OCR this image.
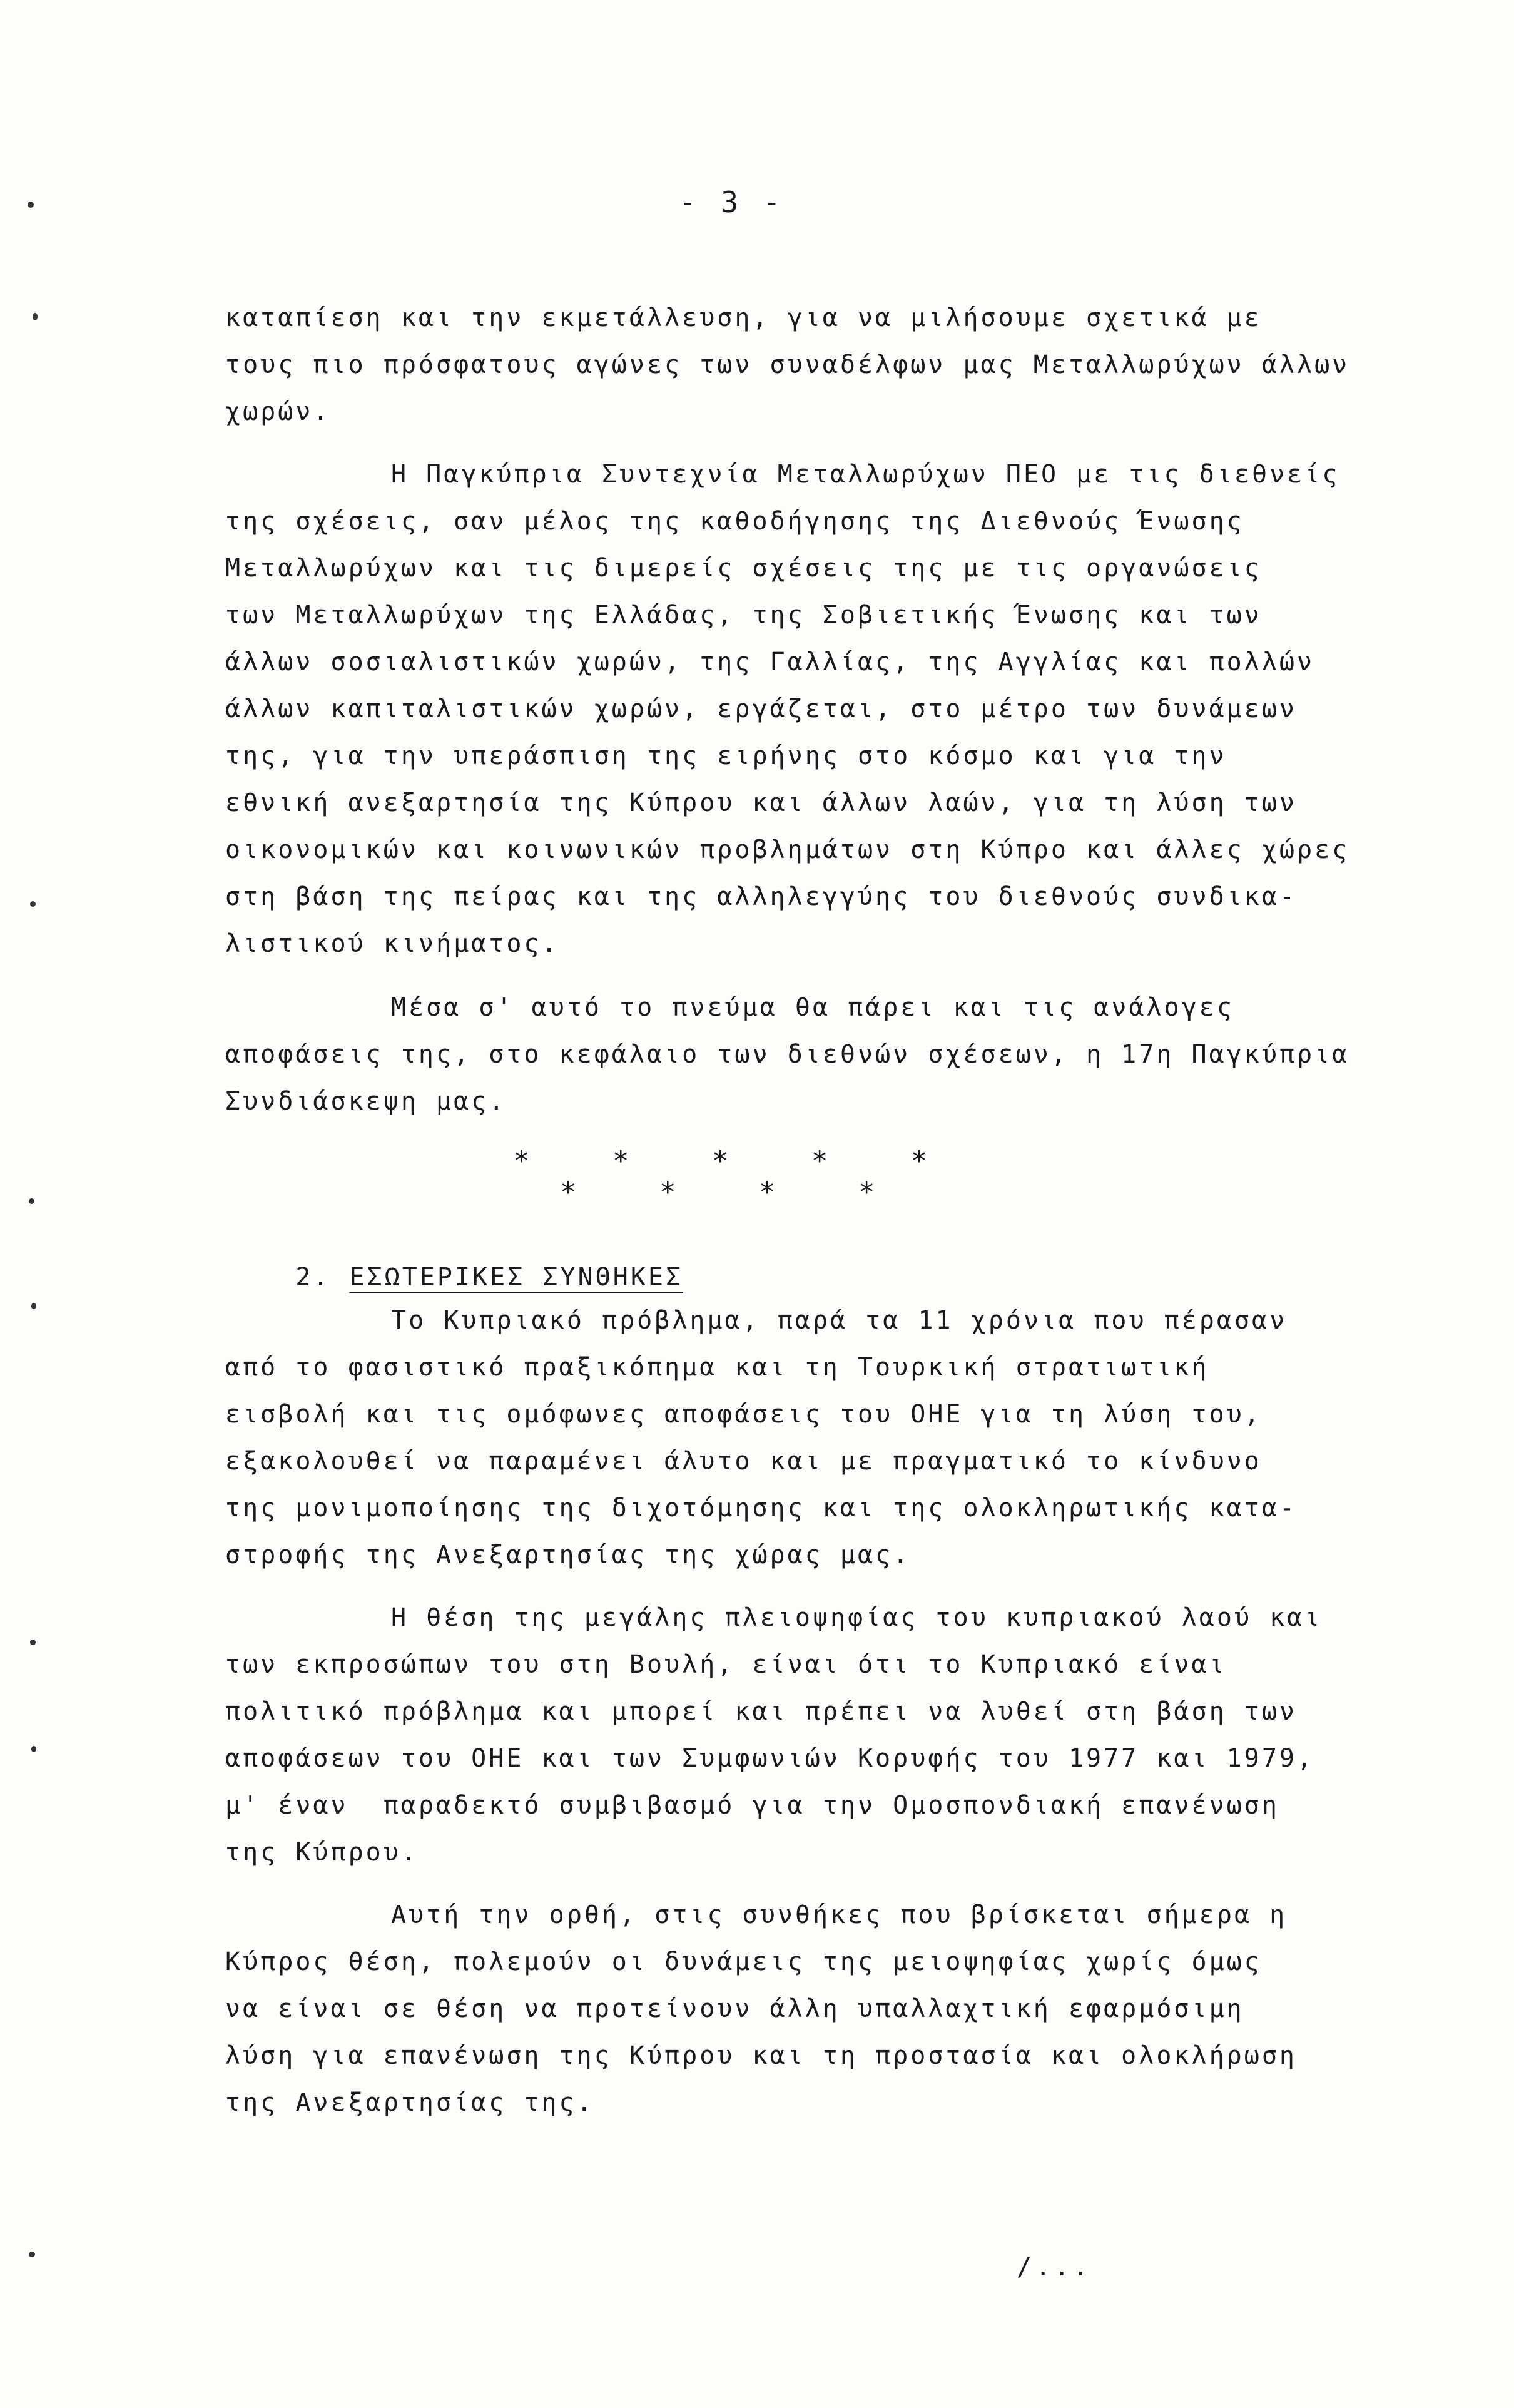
- 3 -
καταπίεση και την εκμετάλλευση, για να μιλήσουμε σχετικά με
τους πιο πρόσφατους αγώνες των συναδέλφων μας Μεταλλωρύχων άλλων
χωρών.
Η Παγκύπρια Συντεχνία Μεταλλωρύχων ΠΕΟ με τις διεθνείς
της σχέσεις, σαν μέλος της καθοδήγησης της Διεθνούς Ένωσης
Μεταλλωρύχων και τις διμερείς σχέσεις της με τις οργανώσεις
των Μεταλλωρύχων της Ελλάδας, της Σοβιετικής Ένωσης και των
άλλων σοσιαλιστικών χωρών, της Γαλλίας, της Αγγλίας και πολλών
άλλων καπιταλιστικών χωρών, εργάζεται, στο μέτρο των δυνάμεων
της, για την υπεράσπιση της ειρήνης στο κόσμο και για την
εθνική ανεξαρτησία της Κύπρου και άλλων λαών, για τη λύση των
οικονομικών και κοινωνικών προβλημάτων στη Κύπρο και άλλες χώρες
στη βάση της πείρας και της αλληλεγγύης του διεθνούς συνδικα-
λιστικού κινήματος.
Μέσα σ' αυτό το πνεύμα θα πάρει και τις ανάλογες
αποφάσεις της, στο κεφάλαιο των διεθνών σχέσεων, η 17η Παγκύπρια
Συνδιάσκεψη μας.
*     *     *     *     *
*     *     *     *

2. ΕΣΩΤΕΡΙΚΕΣ ΣΥΝΘΗΚΕΣ

Το Κυπριακό πρόβλημα, παρά τα 11 χρόνια που πέρασαν
από το φασιστικό πραξικόπημα και τη Τουρκική στρατιωτική
εισβολή και τις ομόφωνες αποφάσεις του ΟΗΕ για τη λύση του,
εξακολουθεί να παραμένει άλυτο και με πραγματικό το κίνδυνο
της μονιμοποίησης της διχοτόμησης και της ολοκληρωτικής κατα-
στροφής της Ανεξαρτησίας της χώρας μας.
Η θέση της μεγάλης πλειοψηφίας του κυπριακού λαού και
των εκπροσώπων του στη Βουλή, είναι ότι το Κυπριακό είναι
πολιτικό πρόβλημα και μπορεί και πρέπει να λυθεί στη βάση των
αποφάσεων του ΟΗΕ και των Συμφωνιών Κορυφής του 1977 και 1979,
μ' έναν  παραδεκτό συμβιβασμό για την Ομοσπονδιακή επανένωση
της Κύπρου.
Αυτή την ορθή, στις συνθήκες που βρίσκεται σήμερα η
Κύπρος θέση, πολεμούν οι δυνάμεις της μειοψηφίας χωρίς όμως
να είναι σε θέση να προτείνουν άλλη υπαλλαχτική εφαρμόσιμη
λύση για επανένωση της Κύπρου και τη προστασία και ολοκλήρωση
της Ανεξαρτησίας της.
/...
